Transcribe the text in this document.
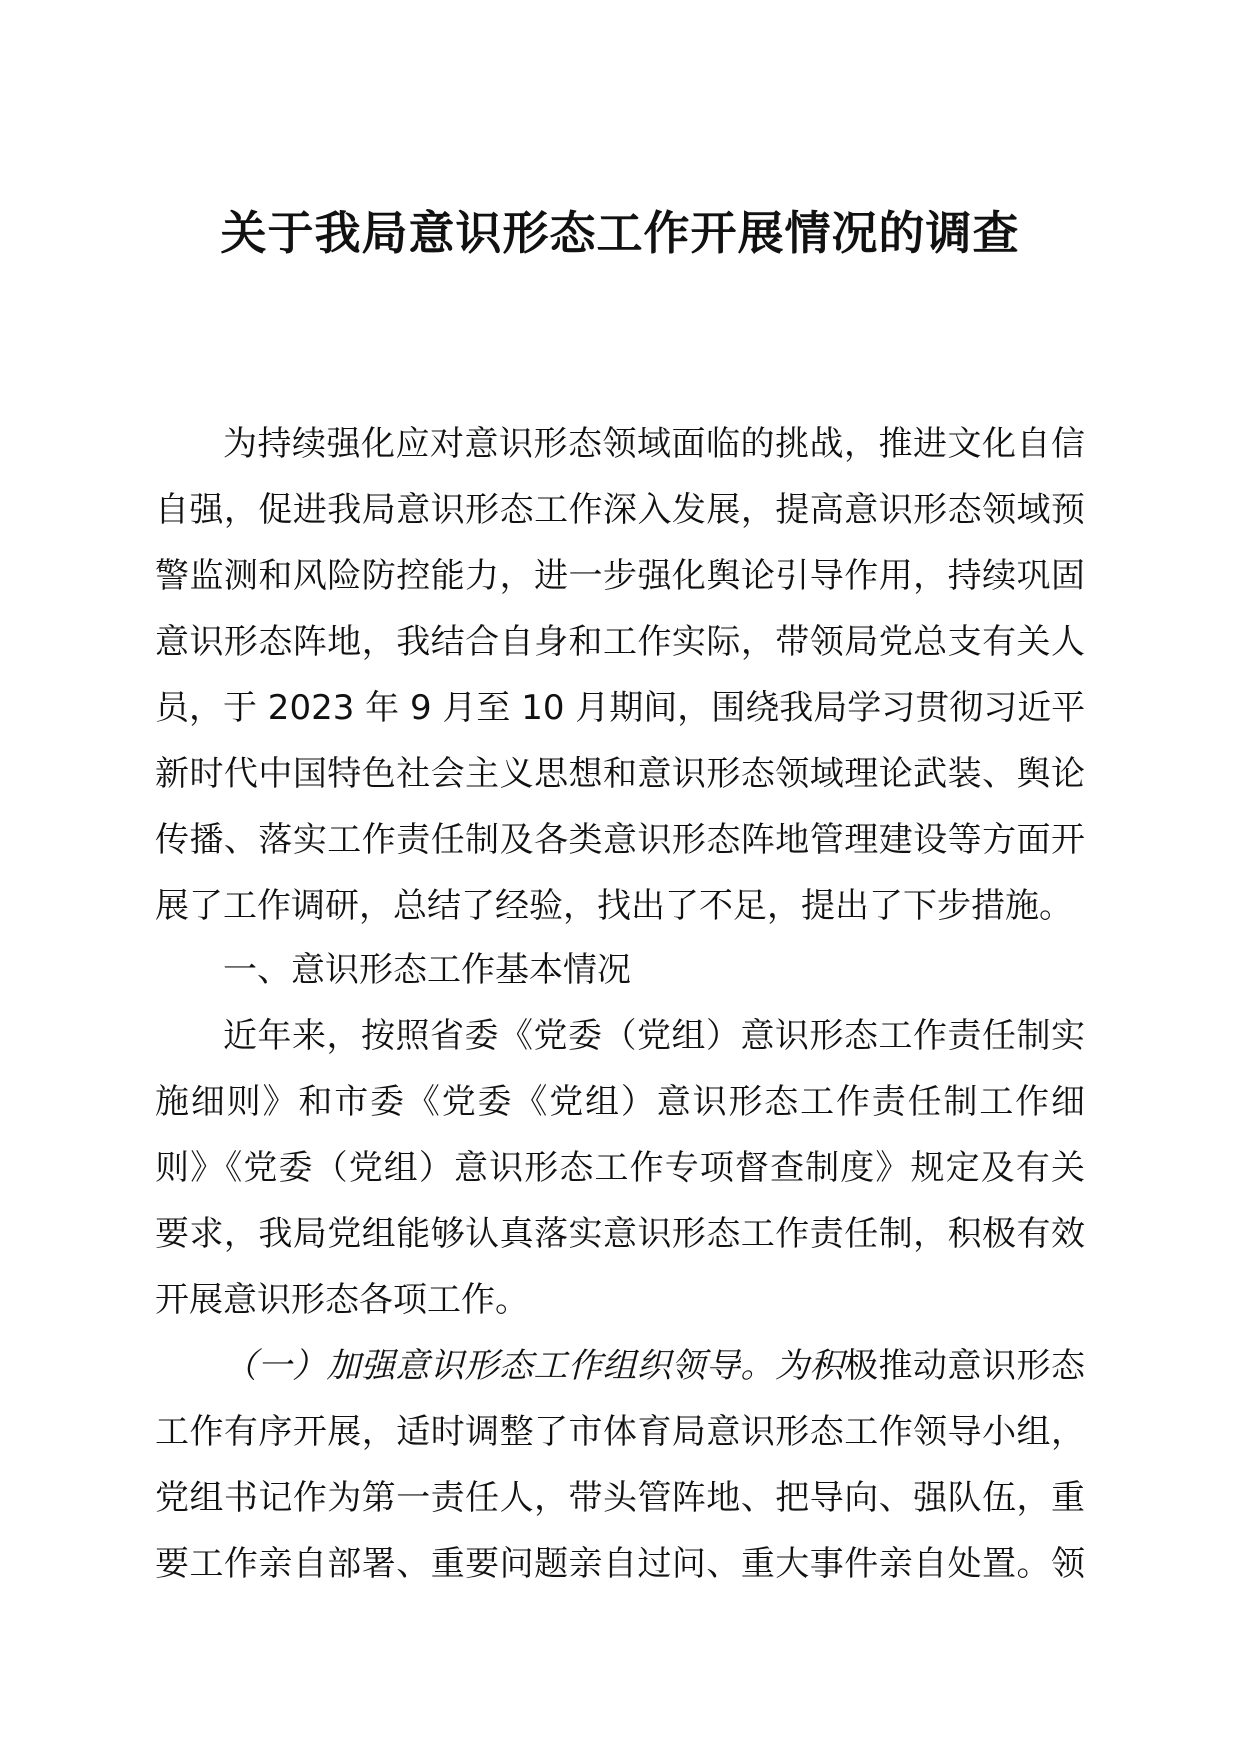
关于我局意识形态工作开展情况的调查
为持续强化应对意识形态领域面临的挑战，推进文化自信
自强，促进我局意识形态工作深入发展，提高意识形态领域预
警监测和风险防控能力，进一步强化舆论引导作用，持续巩固
意识形态阵地，我结合自身和工作实际，带领局党总支有关人
员，于 2023 年 9 月至 10 月期间，围绕我局学习贯彻习近平
新时代中国特色社会主义思想和意识形态领域理论武装、舆论
传播、落实工作责任制及各类意识形态阵地管理建设等方面开
展了工作调研，总结了经验，找出了不足，提出了下步措施。
一、意识形态工作基本情况
近年来，按照省委《党委（党组）意识形态工作责任制实
施细则》和市委《党委《党组）意识形态工作责任制工作细
则》《党委（党组）意识形态工作专项督查制度》规定及有关
要求，我局党组能够认真落实意识形态工作责任制，积极有效
开展意识形态各项工作。
（一）加强意识形态工作组织领导。为积极推动意识形态
工作有序开展，适时调整了市体育局意识形态工作领导小组，
党组书记作为第一责任人，带头管阵地、把导向、强队伍，重
要工作亲自部署、重要问题亲自过问、重大事件亲自处置。领
